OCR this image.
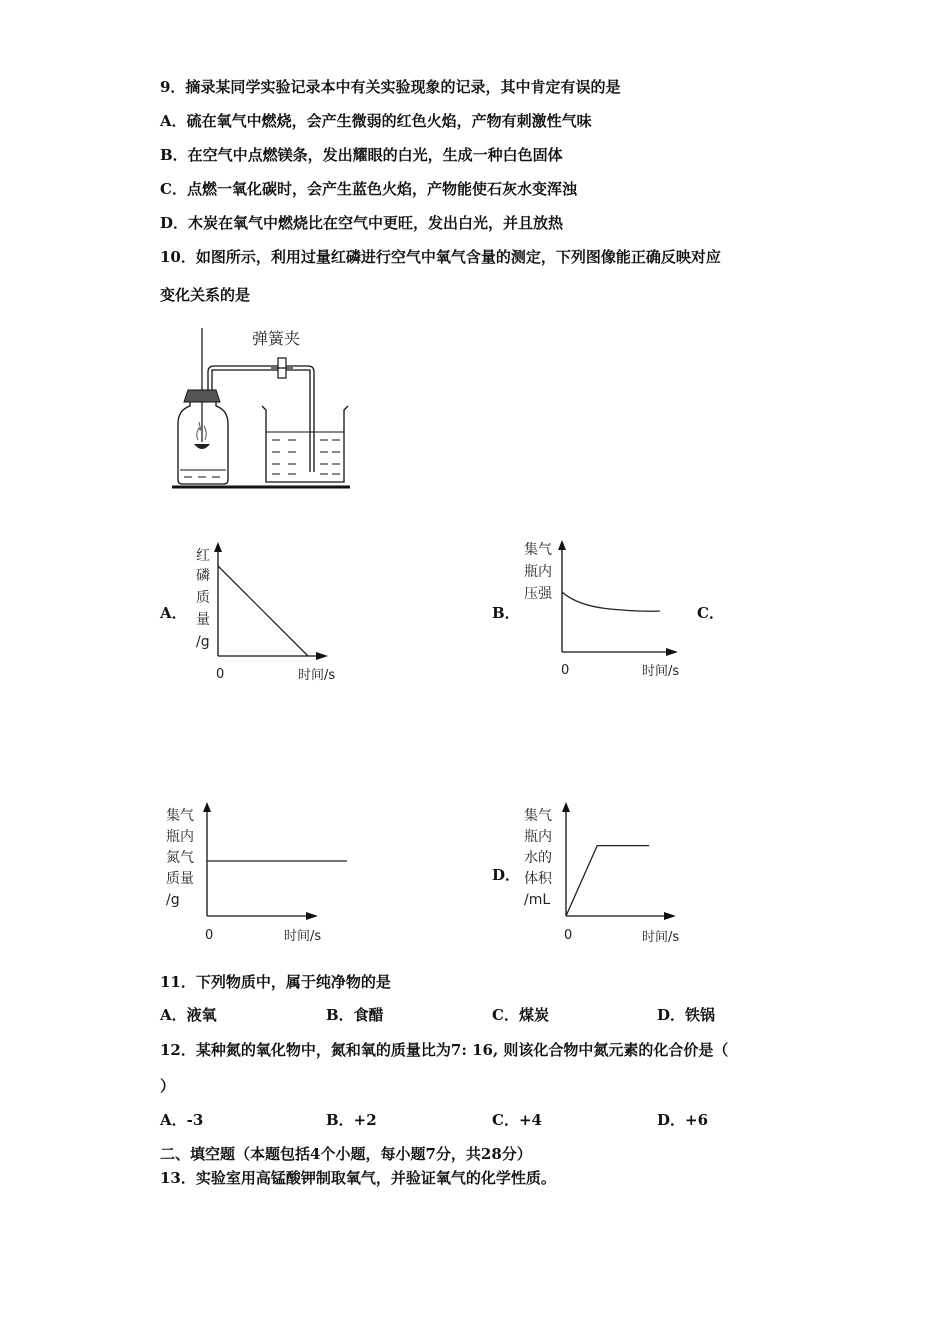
9．摘录某同学实验记录本中有关实验现象的记录，其中肯定有误的是
A．硫在氧气中燃烧，会产生微弱的红色火焰，产物有刺激性气味
B．在空气中点燃镁条，发出耀眼的白光，生成一种白色固体
C．点燃一氧化碳时，会产生蓝色火焰，产物能使石灰水变浑浊
D．木炭在氧气中燃烧比在空气中更旺，发出白光，并且放热
10．如图所示，利用过量红磷进行空气中氧气含量的测定，下列图像能正确反映对应
变化关系的是
弹簧夹
A．	B．	C．
D．
红
磷
质
量
/g
0	时间/s
集气
瓶内
压强
0	时间/s
集气
瓶内
氮气
质量
/g
0	时间/s
集气
瓶内
水的
体积
/mL
0	时间/s
11．下列物质中，属于纯净物的是
A．液氧	B．食醋	C．煤炭	D．铁锅
12．某种氮的氧化物中，氮和氧的质量比为7: 16, 则该化合物中氮元素的化合价是（
）
A．-3	B．+2	C．+4	D．+6
二、填空题（本题包括4个小题，每小题7分，共28分）
13．实验室用高锰酸钾制取氧气，并验证氧气的化学性质。
